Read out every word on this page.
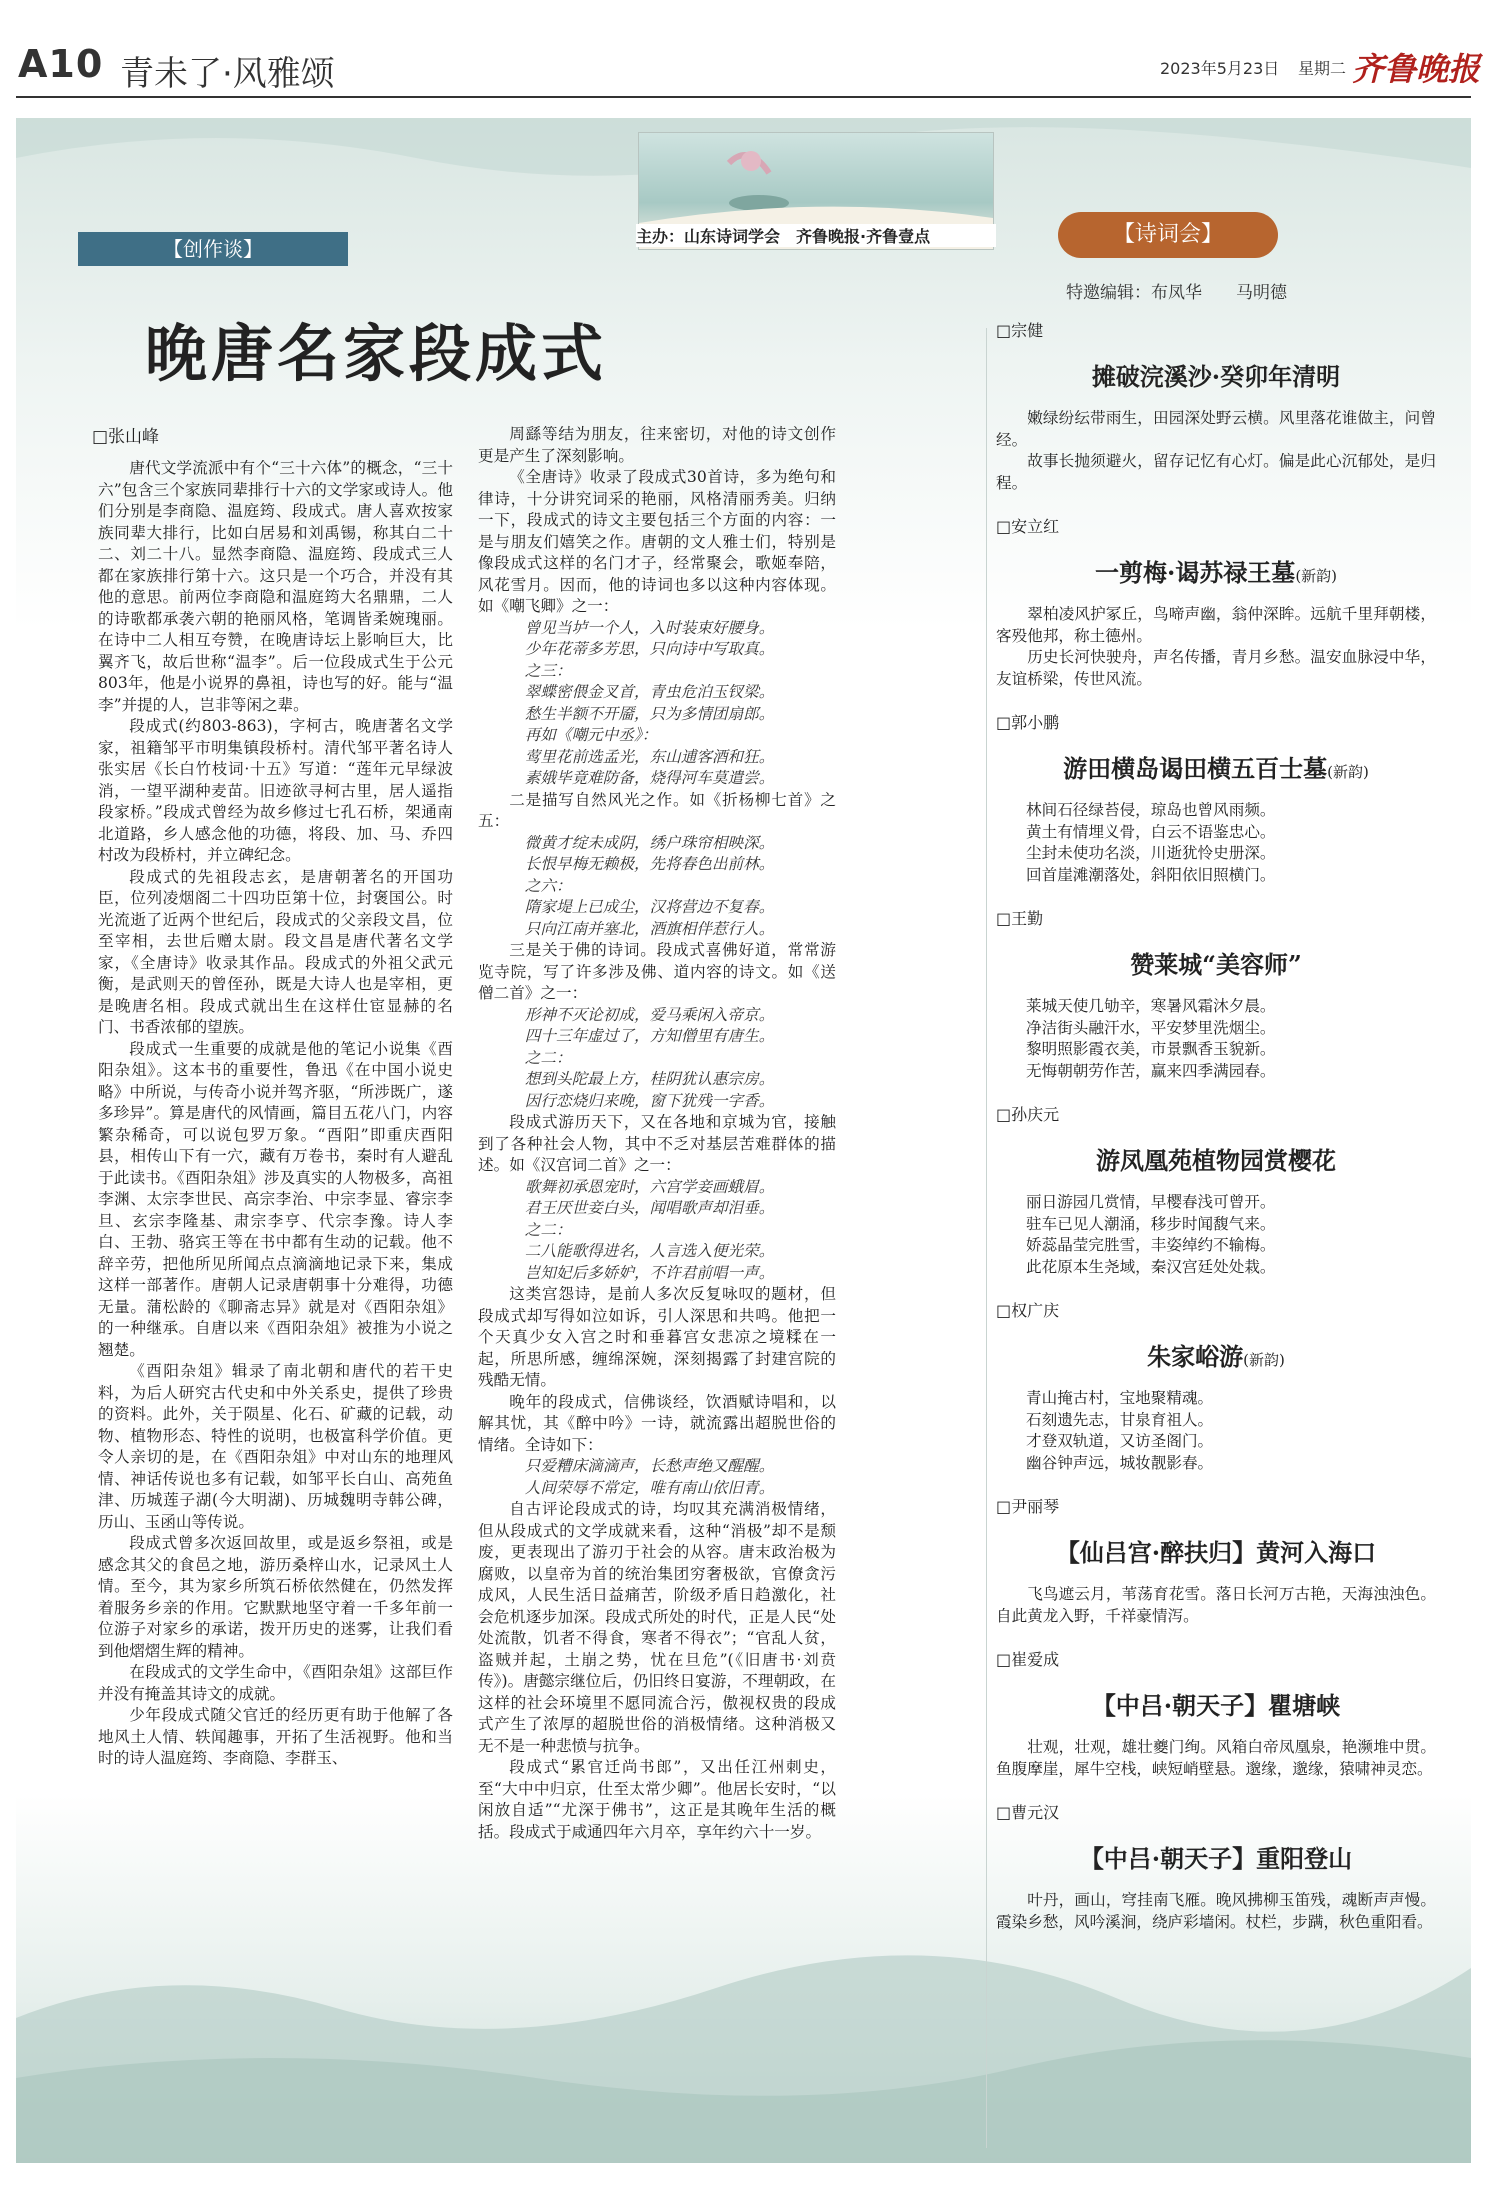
A10 青未了·风雅颂	2023年5月23日 星期二 齐鲁晚报
主办：山东诗词学会　齐鲁晚报·齐鲁壹点
【创作谈】
【诗词会】
特邀编辑：布凤华　　马明德
晚唐名家段成式
□张山峰

唐代文学流派中有个“三十六体”的概念，“三十六”包含三个家族同辈排行十六的文学家或诗人。他们分别是李商隐、温庭筠、段成式。唐人喜欢按家族同辈大排行，比如白居易和刘禹锡，称其白二十二、刘二十八。显然李商隐、温庭筠、段成式三人都在家族排行第十六。这只是一个巧合，并没有其他的意思。前两位李商隐和温庭筠大名鼎鼎，二人的诗歌都承袭六朝的艳丽风格，笔调皆柔婉瑰丽。在诗中二人相互夸赞，在晚唐诗坛上影响巨大，比翼齐飞，故后世称“温李”。后一位段成式生于公元803年，他是小说界的鼻祖，诗也写的好。能与“温李”并提的人，岂非等闲之辈。

段成式(约803-863)，字柯古，晚唐著名文学家，祖籍邹平市明集镇段桥村。清代邹平著名诗人张实居《长白竹枝词·十五》写道：“莲年元早绿波消，一望平湖种麦苗。旧迹欲寻柯古里，居人遥指段家桥。”段成式曾经为故乡修过七孔石桥，架通南北道路，乡人感念他的功德，将段、加、马、乔四村改为段桥村，并立碑纪念。

段成式的先祖段志玄，是唐朝著名的开国功臣，位列凌烟阁二十四功臣第十位，封褒国公。时光流逝了近两个世纪后，段成式的父亲段文昌，位至宰相，去世后赠太尉。段文昌是唐代著名文学家，《全唐诗》收录其作品。段成式的外祖父武元衡，是武则天的曾侄孙，既是大诗人也是宰相，更是晚唐名相。段成式就出生在这样仕宦显赫的名门、书香浓郁的望族。

段成式一生重要的成就是他的笔记小说集《酉阳杂俎》。这本书的重要性，鲁迅《在中国小说史略》中所说，与传奇小说并驾齐驱，“所涉既广，遂多珍异”。算是唐代的风情画，篇目五花八门，内容繁杂稀奇，可以说包罗万象。“酉阳”即重庆酉阳县，相传山下有一穴，藏有万卷书，秦时有人避乱于此读书。《酉阳杂俎》涉及真实的人物极多，高祖李渊、太宗李世民、高宗李治、中宗李显、睿宗李旦、玄宗李隆基、肃宗李亨、代宗李豫。诗人李白、王勃、骆宾王等在书中都有生动的记载。他不辞辛劳，把他所见所闻点点滴滴地记录下来，集成这样一部著作。唐朝人记录唐朝事十分难得，功德无量。蒲松龄的《聊斋志异》就是对《酉阳杂俎》的一种继承。自唐以来《酉阳杂俎》被推为小说之翘楚。

《酉阳杂俎》辑录了南北朝和唐代的若干史料，为后人研究古代史和中外关系史，提供了珍贵的资料。此外，关于陨星、化石、矿藏的记载，动物、植物形态、特性的说明，也极富科学价值。更令人亲切的是，在《酉阳杂俎》中对山东的地理风情、神话传说也多有记载，如邹平长白山、高苑鱼津、历城莲子湖(今大明湖)、历城魏明寺韩公碑，历山、玉函山等传说。

段成式曾多次返回故里，或是返乡祭祖，或是感念其父的食邑之地，游历桑梓山水，记录风土人情。至今，其为家乡所筑石桥依然健在，仍然发挥着服务乡亲的作用。它默默地坚守着一千多年前一位游子对家乡的承诺，拨开历史的迷雾，让我们看到他熠熠生辉的精神。

在段成式的文学生命中，《酉阳杂俎》这部巨作并没有掩盖其诗文的成就。

少年段成式随父官迁的经历更有助于他解了各地风土人情、轶闻趣事，开拓了生活视野。他和当时的诗人温庭筠、李商隐、李群玉、

周繇等结为朋友，往来密切，对他的诗文创作更是产生了深刻影响。

《全唐诗》收录了段成式30首诗，多为绝句和律诗，十分讲究词采的艳丽，风格清丽秀美。归纳一下，段成式的诗文主要包括三个方面的内容：一是与朋友们嬉笑之作。唐朝的文人雅士们，特别是像段成式这样的名门才子，经常聚会，歌姬奉陪，风花雪月。因而，他的诗词也多以这种内容体现。如《嘲飞卿》之一：

曾见当垆一个人，入时装束好腰身。

少年花蒂多芳思，只向诗中写取真。

之三：

翠蝶密偎金叉首，青虫危泊玉钗梁。

愁生半额不开靥，只为多情团扇郎。

再如《嘲元中丞》：

莺里花前选孟光，东山逋客酒和狂。

素娥毕竟难防备，烧得河车莫遣尝。

二是描写自然风光之作。如《折杨柳七首》之五：

微黄才绽未成阴，绣户珠帘相映深。

长恨早梅无赖极，先将春色出前林。

之六：

隋家堤上已成尘，汉将营边不复春。

只向江南并塞北，酒旗相伴惹行人。

三是关于佛的诗词。段成式喜佛好道，常常游览寺院，写了许多涉及佛、道内容的诗文。如《送僧二首》之一：

形神不灭论初成，爱马乘闲入帝京。

四十三年虚过了，方知僧里有唐生。

之二：

想到头陀最上方，桂阴犹认惠宗房。

因行恋烧归来晚，窗下犹残一字香。

段成式游历天下，又在各地和京城为官，接触到了各种社会人物，其中不乏对基层苦难群体的描述。如《汉宫词二首》之一：

歌舞初承恩宠时，六宫学妾画蛾眉。

君王厌世妾白头，闻唱歌声却泪垂。

之二：

二八能歌得进名，人言选入便光荣。

岂知妃后多娇妒，不许君前唱一声。

这类宫怨诗，是前人多次反复咏叹的题材，但段成式却写得如泣如诉，引人深思和共鸣。他把一个天真少女入宫之时和垂暮宫女悲凉之境糅在一起，所思所感，缠绵深婉，深刻揭露了封建宫院的残酷无情。

晚年的段成式，信佛谈经，饮酒赋诗唱和，以解其忧，其《醉中吟》一诗，就流露出超脱世俗的情绪。全诗如下：

只爱糟床滴滴声，长愁声绝又醒醒。

人间荣辱不常定，唯有南山依旧青。

自古评论段成式的诗，均叹其充满消极情绪，但从段成式的文学成就来看，这种“消极”却不是颓废，更表现出了游刃于社会的从容。唐末政治极为腐败，以皇帝为首的统治集团穷奢极欲，官僚贪污成风，人民生活日益痛苦，阶级矛盾日趋激化，社会危机逐步加深。段成式所处的时代，正是人民“处处流散，饥者不得食，寒者不得衣”；“官乱人贫，盗贼并起，土崩之势，忧在旦危”(《旧唐书·刘贲传》)。唐懿宗继位后，仍旧终日宴游，不理朝政，在这样的社会环境里不愿同流合污，傲视权贵的段成式产生了浓厚的超脱世俗的消极情绪。这种消极又无不是一种悲愤与抗争。

段成式“累官迁尚书郎”，又出任江州刺史，至“大中中归京，仕至太常少卿”。他居长安时，“以闲放自适”“尤深于佛书”，这正是其晚年生活的概括。段成式于咸通四年六月卒，享年约六十一岁。

□宗健
摊破浣溪沙·癸卯年清明
嫩绿纷纭带雨生，田园深处野云横。风里落花谁做主，问曾经。
故事长抛须避火，留存记忆有心灯。偏是此心沉郁处，是归程。
□安立红
一剪梅·谒苏禄王墓(新韵)
翠柏凌风护冢丘，鸟啼声幽，翁仲深眸。远航千里拜朝楼，客殁他邦，称土德州。
历史长河快驶舟，声名传播，青月乡愁。温安血脉浸中华，友谊桥梁，传世风流。
□郭小鹏
游田横岛谒田横五百士墓(新韵)
林间石径绿苔侵，琼岛也曾风雨频。
黄土有情埋义骨，白云不语鉴忠心。
尘封未使功名淡，川逝犹怜史册深。
回首崖滩潮落处，斜阳依旧照横门。
□王勤
赞莱城“美容师”
莱城天使几劬辛，寒暑风霜沐夕晨。
净洁街头融汗水，平安梦里洗烟尘。
黎明照影霞衣美，市景飘香玉貌新。
无悔朝朝劳作苦，赢来四季满园春。
□孙庆元
游凤凰苑植物园赏樱花
丽日游园几赏情，早樱春浅可曾开。
驻车已见人潮涌，移步时闻馥气来。
娇蕊晶莹完胜雪，丰姿绰约不输梅。
此花原本生尧域，秦汉宫廷处处栽。
□权广庆
朱家峪游(新韵)
青山掩古村，宝地聚精魂。
石刻遗先志，甘泉育祖人。
才登双轨道，又访圣阁门。
幽谷钟声远，城妆靓影春。
□尹丽琴
【仙吕宫·醉扶归】黄河入海口
飞鸟遮云月，苇荡育花雪。落日长河万古艳，天海浊浊色。自此黄龙入野，千祥豪情泻。
□崔爱成
【中吕·朝天子】瞿塘峡
壮观，壮观，雄壮夔门绚。风箱白帝凤凰泉，艳濒堆中贯。鱼腹摩崖，犀牛空栈，峡短峭壁悬。邈缘，邈缘，猿啸神灵恋。
□曹元汉
【中吕·朝天子】重阳登山
叶丹，画山，穹挂南飞雁。晚风拂柳玉笛残，魂断声声慢。霞染乡愁，风吟溪涧，绕庐彩墙闲。杖栏，步蹒，秋色重阳看。
